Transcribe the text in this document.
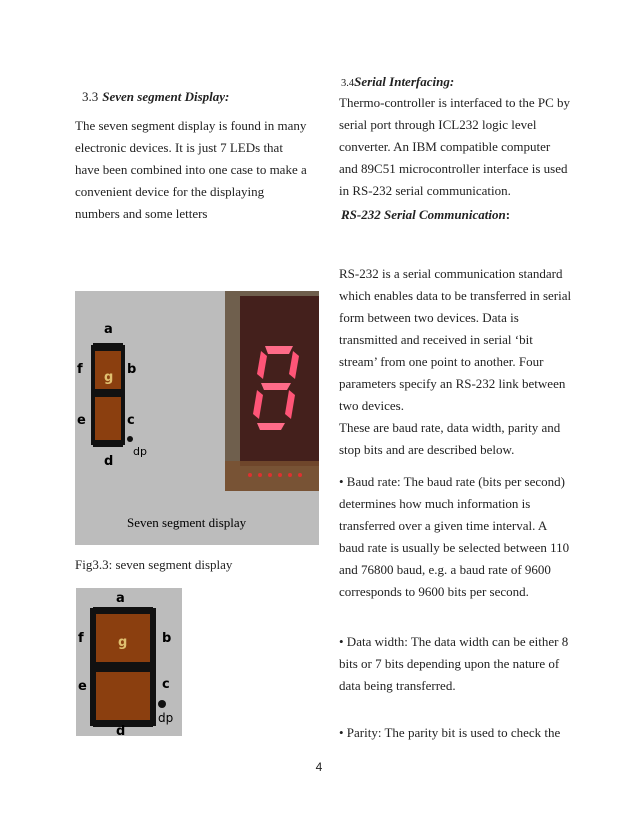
3.3 Seven segment Display:

The seven segment display is found in many

electronic devices. It is just 7 LEDs that

have been combined into one case to make a

convenient device for the displaying

numbers and some letters

a
f
g
b
e	c
d
dp
Seven segment display
Fig3.3: seven segment display
a
f	g	b
e	c
d
dp
3.4Serial Interfacing:

Thermo-controller is interfaced to the PC by

serial port through ICL232 logic level

converter. An IBM compatible computer

and 89C51 microcontroller interface is used

in RS-232 serial communication.

RS-232 Serial Communication:

RS-232 is a serial communication standard

which enables data to be transferred in serial

form between two devices. Data is

transmitted and received in serial ‘bit

stream’ from one point to another. Four

parameters specify an RS-232 link between

two devices.

These are baud rate, data width, parity and

stop bits and are described below.

• Baud rate: The baud rate (bits per second)

determines how much information is

transferred over a given time interval. A

baud rate is usually be selected between 110

and 76800 baud, e.g. a baud rate of 9600

corresponds to 9600 bits per second.

• Data width: The data width can be either 8

bits or 7 bits depending upon the nature of

data being transferred.

• Parity: The parity bit is used to check the

4
